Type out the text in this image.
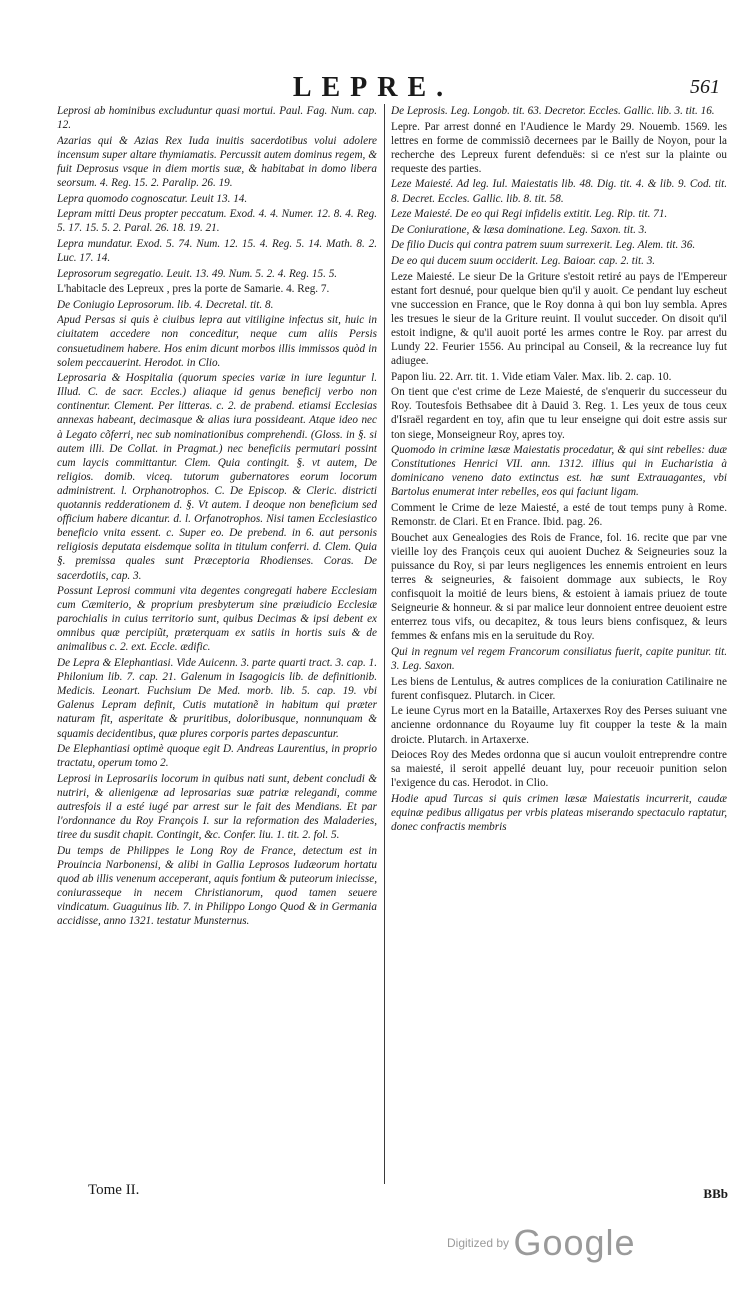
LEPRE.	561

Leprosi ab hominibus excluduntur quasi mortui. Paul. Fag. Num. cap. 12.

Azarias qui & Azias Rex Iuda inuitis sacerdotibus volui adolere incensum super altare thymiamatis. Percussit autem dominus regem, & fuit Deprosus vsque in diem mortis suæ, & habitabat in domo libera seorsum. 4. Reg. 15. 2. Paralip. 26. 19.

Lepra quomodo cognoscatur. Leuit 13. 14.

Lepram mitti Deus propter peccatum. Exod. 4. 4. Numer. 12. 8. 4. Reg. 5. 17. 15. 5. 2. Paral. 26. 18. 19. 21.

Lepra mundatur. Exod. 5. 74. Num. 12. 15. 4. Reg. 5. 14. Math. 8. 2. Luc. 17. 14.

Leprosorum segregatio. Leuit. 13. 49. Num. 5. 2. 4. Reg. 15. 5.

L'habitacle des Lepreux , pres la porte de Samarie. 4. Reg. 7.

De Coniugio Leprosorum. lib. 4. Decretal. tit. 8.

Apud Persas si quis è ciuibus lepra aut vitiligine infectus sit, huic in ciuitatem accedere non conceditur, neque cum aliis Persis consuetudinem habere. Hos enim dicunt morbos illis immissos quòd in solem peccauerint. Herodot. in Clio.

Leprosaria & Hospitalia (quorum species variæ in iure leguntur l. Illud. C. de sacr. Eccles.) aliaque id genus beneficij verbo non continentur. Clement. Per litteras. c. 2. de prabend. etiamsi Ecclesias annexas habeant, decimasque & alias iura possideant. Atque ideo nec à Legato cõferri, nec sub nominationibus comprehendi. (Gloss. in §. si autem illi. De Collat. in Pragmat.) nec beneficiis permutari possint cum laycis committantur. Clem. Quia contingit. §. vt autem, De religios. domib. viceq. tutorum gubernatores eorum locorum administrent. l. Orphanotrophos. C. De Episcop. & Cleric. districti quotannis redderationem d. §. Vt autem. I deoque non beneficium sed officium habere dicantur. d. l. Orfanotrophos. Nisi tamen Ecclesiastico beneficio vnita essent. c. Super eo. De prebend. in 6. aut personis religiosis deputata eisdemque solita in titulum conferri. d. Clem. Quia §. premissa quales sunt Præceptoria Rhodienses. Coras. De sacerdotiis, cap. 3.

Possunt Leprosi communi vita degentes congregati habere Ecclesiam cum Cæmiterio, & proprium presbyterum sine præiudicio Ecclesiæ parochialis in cuius territorio sunt, quibus Decimas & ipsi debent ex omnibus quæ percipiũt, præterquam ex satiis in hortis suis & de animalibus c. 2. ext. Eccle. ædific.

De Lepra & Elephantiasi. Vide Auicenn. 3. parte quarti tract. 3. cap. 1. Philonium lib. 7. cap. 21. Galenum in Isagogicis lib. de definitionib. Medicis. Leonart. Fuchsium De Med. morb. lib. 5. cap. 19. vbi Galenus Lepram definit, Cutis mutationẽ in habitum qui præter naturam fit, asperitate & pruritibus, doloribusque, nonnunquam & squamis decidentibus, quæ plures corporis partes depascuntur.

De Elephantiasi optimè quoque egit D. Andreas Laurentius, in proprio tractatu, operum tomo 2.

Leprosi in Leprosariis locorum in quibus nati sunt, debent concludi & nutriri, & alienigenæ ad leprosarias suæ patriæ relegandi, comme autresfois il a esté iugé par arrest sur le fait des Mendians. Et par l'ordonnance du Roy François I. sur la reformation des Maladeries, tiree du susdit chapit. Contingit, &c. Confer. liu. 1. tit. 2. fol. 5.

Du temps de Philippes le Long Roy de France, detectum est in Prouincia Narbonensi, & alibi in Gallia Leprosos Iudæorum hortatu quod ab illis venenum acceperant, aquis fontium & puteorum iniecisse, coniurasseque in necem Christianorum, quod tamen seuere vindicatum. Guaguinus lib. 7. in Philippo Longo Quod & in Germania accidisse, anno 1321. testatur Munsternus.

De Leprosis. Leg. Longob. tit. 63. Decretor. Eccles. Gallic. lib. 3. tit. 16.

Lepre. Par arrest donné en l'Audience le Mardy 29. Nouemb. 1569. les lettres en forme de commissiõ decernees par le Bailly de Noyon, pour la recherche des Lepreux furent defenduës: si ce n'est sur la plainte ou requeste des parties.

Leze Maiesté. Ad leg. Iul. Maiestatis lib. 48. Dig. tit. 4. & lib. 9. Cod. tit. 8. Decret. Eccles. Gallic. lib. 8. tit. 58.

Leze Maiesté. De eo qui Regi infidelis extitit. Leg. Rip. tit. 71.

De Coniuratione, & læsa dominatione. Leg. Saxon. tit. 3.

De filio Ducis qui contra patrem suum surrexerit. Leg. Alem. tit. 36.

De eo qui ducem suum occiderit. Leg. Baioar. cap. 2. tit. 3.

Leze Maiesté. Le sieur De la Griture s'estoit retiré au pays de l'Empereur estant fort desnué, pour quelque bien qu'il y auoit. Ce pendant luy escheut vne succession en France, que le Roy donna à qui bon luy sembla. Apres les tresues le sieur de la Griture reuint. Il voulut succeder. On disoit qu'il estoit indigne, & qu'il auoit porté les armes contre le Roy. par arrest du Lundy 22. Feurier 1556. Au principal au Conseil, & la recreance luy fut adiugee.

Papon liu. 22. Arr. tit. 1. Vide etiam Valer. Max. lib. 2. cap. 10.

On tient que c'est crime de Leze Maiesté, de s'enquerir du successeur du Roy. Toutesfois Bethsabee dit à Dauid 3. Reg. 1. Les yeux de tous ceux d'Israël regardent en toy, afin que tu leur enseigne qui doit estre assis sur ton siege, Monseigneur Roy, apres toy.

Quomodo in crimine læsæ Maiestatis procedatur, & qui sint rebelles: duæ Constitutiones Henrici VII. ann. 1312. illius qui in Eucharistia à dominicano veneno dato extinctus est. hæ sunt Extrauagantes, vbi Bartolus enumerat inter rebelles, eos qui faciunt ligam.

Comment le Crime de leze Maiesté, a esté de tout temps puny à Rome. Remonstr. de Clari. Et en France. Ibid. pag. 26.

Bouchet aux Genealogies des Rois de France, fol. 16. recite que par vne vieille loy des François ceux qui auoient Duchez & Seigneuries souz la puissance du Roy, si par leurs negligences les ennemis entroient en leurs terres & seigneuries, & faisoient dommage aux subiects, le Roy confisquoit la moitié de leurs biens, & estoient à iamais priuez de toute Seigneurie & honneur. & si par malice leur donnoient entree deuoient estre enterrez tous vifs, ou decapitez, & tous leurs biens confisquez, & leurs femmes & enfans mis en la seruitude du Roy.

Qui in regnum vel regem Francorum consiliatus fuerit, capite punitur. tit. 3. Leg. Saxon.

Les biens de Lentulus, & autres complices de la coniuration Catilinaire ne furent confisquez. Plutarch. in Cicer.

Le ieune Cyrus mort en la Bataille, Artaxerxes Roy des Perses suiuant vne ancienne ordonnance du Royaume luy fit coupper la teste & la main droicte. Plutarch. in Artaxerxe.

Deioces Roy des Medes ordonna que si aucun vouloit entreprendre contre sa maiesté, il seroit appellé deuant luy, pour receuoir punition selon l'exigence du cas. Herodot. in Clio.

Hodie apud Turcas si quis crimen læsæ Maiestatis incurrerit, caudæ equinæ pedibus alligatus per vrbis plateas miserando spectaculo raptatur, donec confractis membris

Tome II.	BBb
Digitized by Google
